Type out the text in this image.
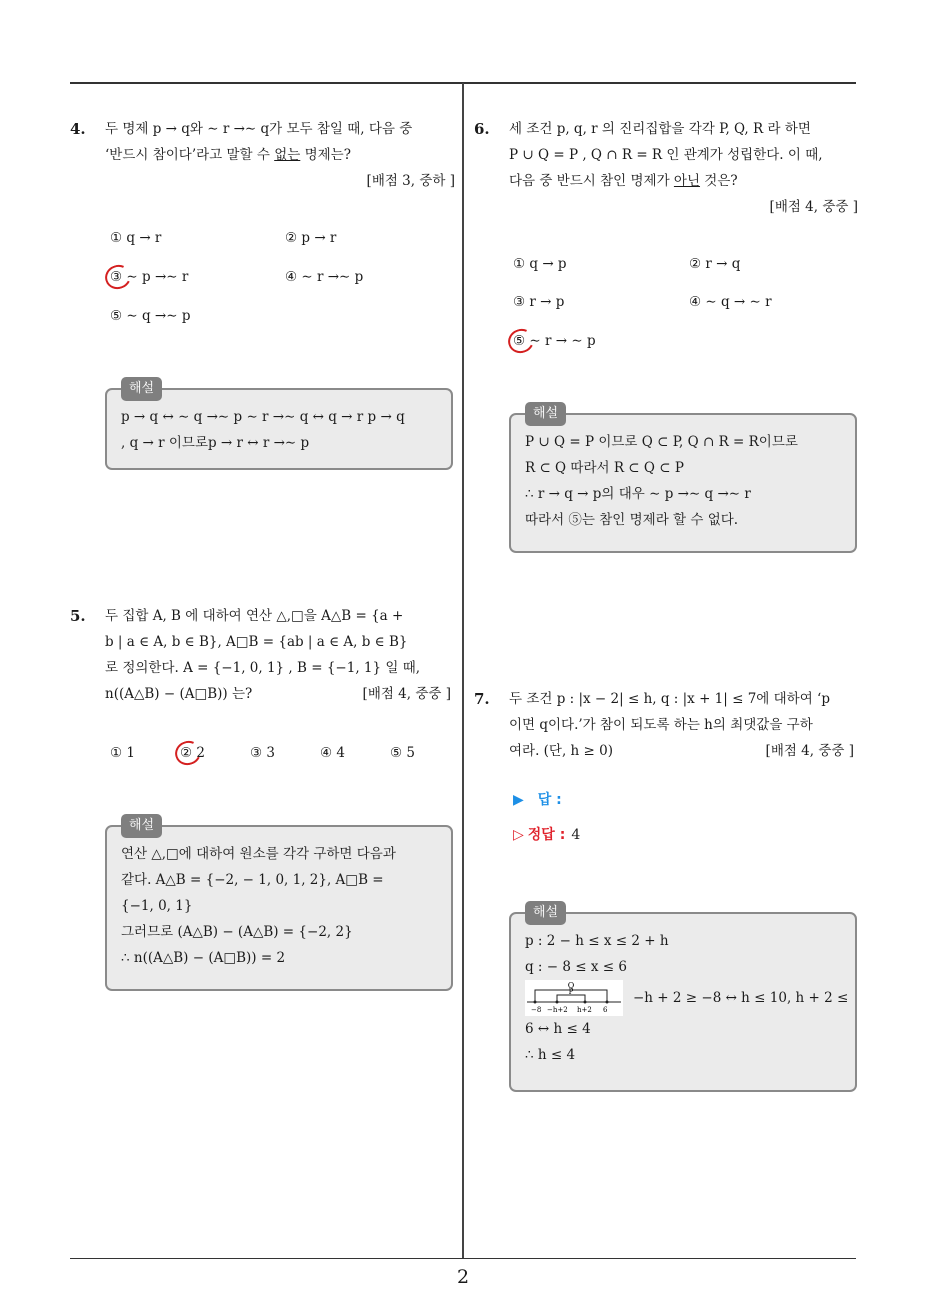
2
4. 두 명제 p → q와 ∼ r →∼ q가 모두 참일 때, 다음 중

‘반드시 참이다’라고 말할 수 없는 명제는?

[배점 3, 중하 ]

① q → r	② p → r
③ ∼ p →∼ r	④ ∼ r →∼ p
⑤ ∼ q →∼ p
해설

p → q ↔ ∼ q →∼ p ∼ r →∼ q ↔ q → r p → q

, q → r 이므로p → r ↔ r →∼ p

5. 두 집합 A, B 에 대하여 연산 △,□을 A△B = {a +

b | a ∈ A, b ∈ B}, A□B = {ab | a ∈ A, b ∈ B}

로 정의한다. A = {−1, 0, 1} , B = {−1, 1} 일 때,

n((A△B) − (A□B)) 는?	[배점 4, 중중 ]

① 1	② 2	③ 3	④ 4	⑤ 5
해설

연산 △,□에 대하여 원소를 각각 구하면 다음과

같다. A△B = {−2, − 1, 0, 1, 2}, A□B =

{−1, 0, 1}

그러므로 (A△B) − (A△B) = {−2, 2}

∴ n((A△B) − (A□B)) = 2

6. 세 조건 p, q, r 의 진리집합을 각각 P, Q, R 라 하면

P ∪ Q = P , Q ∩ R = R 인 관계가 성립한다. 이 때,

다음 중 반드시 참인 명제가 아닌 것은?

[배점 4, 중중 ]

① q → p	② r → q
③ r → p	④ ∼ q → ∼ r
⑤ ∼ r → ∼ p
해설

P ∪ Q = P 이므로 Q ⊂ P, Q ∩ R = R이므로

R ⊂ Q 따라서 R ⊂ Q ⊂ P

∴ r → q → p의 대우 ∼ p →∼ q →∼ r

따라서 ⑤는 참인 명제라 할 수 없다.

7. 두 조건 p : |x − 2| ≤ h, q : |x + 1| ≤ 7에 대하여 ‘p

이면 q이다.’가 참이 되도록 하는 h의 최댓값을 구하

여라. (단, h ≥ 0)	[배점 4, 중중 ]

▶ 답 :
▷ 정답 : 4
해설

p : 2 − h ≤ x ≤ 2 + h

q : − 8 ≤ x ≤ 6

Q
P
−8 −h+2 h+2 6
−h + 2 ≥ −8 ↔ h ≤ 10, h + 2 ≤

6 ↔ h ≤ 4

∴ h ≤ 4
